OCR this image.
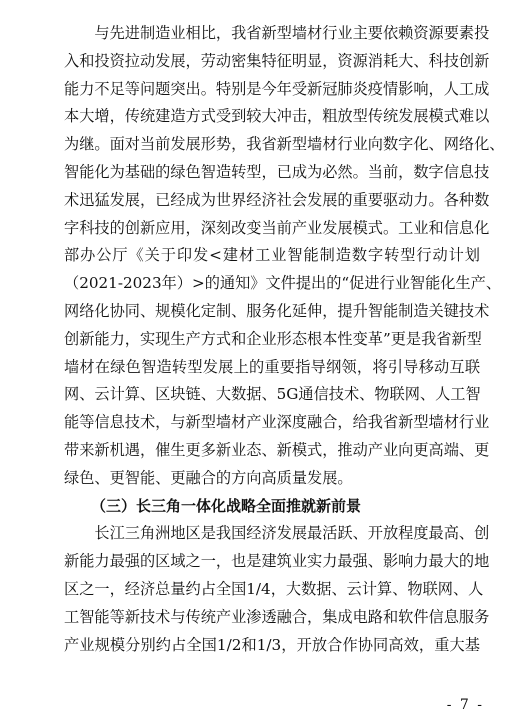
　　与先进制造业相比，我省新型墙材行业主要依赖资源要素投
入和投资拉动发展，劳动密集特征明显，资源消耗大、科技创新
能力不足等问题突出。特别是今年受新冠肺炎疫情影响，人工成
本大增，传统建造方式受到较大冲击，粗放型传统发展模式难以
为继。面对当前发展形势，我省新型墙材行业向数字化、网络化、
智能化为基础的绿色智造转型，已成为必然。当前，数字信息技
术迅猛发展，已经成为世界经济社会发展的重要驱动力。各种数
字科技的创新应用，深刻改变当前产业发展模式。工业和信息化
部办公厅《关于印发<建材工业智能制造数字转型行动计划
（2021-2023年）>的通知》文件提出的“促进行业智能化生产、
网络化协同、规模化定制、服务化延伸，提升智能制造关键技术
创新能力，实现生产方式和企业形态根本性变革”更是我省新型
墙材在绿色智造转型发展上的重要指导纲领，将引导移动互联
网、云计算、区块链、大数据、5G通信技术、物联网、人工智
能等信息技术，与新型墙材产业深度融合，给我省新型墙材行业
带来新机遇，催生更多新业态、新模式，推动产业向更高端、更
绿色、更智能、更融合的方向高质量发展。
（三）长三角一体化战略全面推就新前景
　　长江三角洲地区是我国经济发展最活跃、开放程度最高、创
新能力最强的区域之一，也是建筑业实力最强、影响力最大的地
区之一，经济总量约占全国1/4，大数据、云计算、物联网、人
工智能等新技术与传统产业渗透融合，集成电路和软件信息服务
产业规模分别约占全国1/2和1/3，开放合作协同高效，重大基
- 7 -
